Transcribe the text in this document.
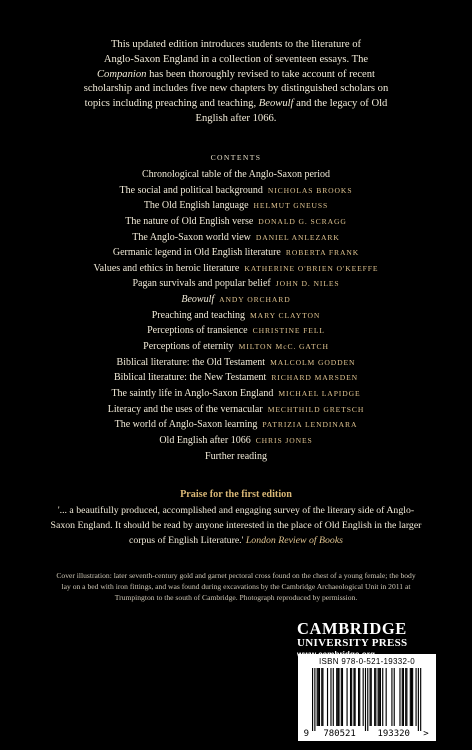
This updated edition introduces students to the literature of
Anglo-Saxon England in a collection of seventeen essays. The
Companion has been thoroughly revised to take account of recent
scholarship and includes five new chapters by distinguished scholars on
topics including preaching and teaching, Beowulf and the legacy of Old
English after 1066.

CONTENTS
Chronological table of the Anglo-Saxon period
The social and political background NICHOLAS BROOKS
The Old English language HELMUT GNEUSS
The nature of Old English verse DONALD G. SCRAGG
The Anglo-Saxon world view DANIEL ANLEZARK
Germanic legend in Old English literature ROBERTA FRANK
Values and ethics in heroic literature KATHERINE O'BRIEN O'KEEFFE
Pagan survivals and popular belief JOHN D. NILES
Beowulf ANDY ORCHARD
Preaching and teaching MARY CLAYTON
Perceptions of transience CHRISTINE FELL
Perceptions of eternity MILTON McC. GATCH
Biblical literature: the Old Testament MALCOLM GODDEN
Biblical literature: the New Testament RICHARD MARSDEN
The saintly life in Anglo-Saxon England MICHAEL LAPIDGE
Literacy and the uses of the vernacular MECHTHILD GRETSCH
The world of Anglo-Saxon learning PATRIZIA LENDINARA
Old English after 1066 CHRIS JONES
Further reading
Praise for the first edition

'... a beautifully produced, accomplished and engaging survey of the literary side of Anglo-Saxon England. It should be read by anyone interested in the place of Old English in the larger corpus of English Literature.' London Review of Books

Cover illustration: later seventh-century gold and garnet pectoral cross found on the chest of a young female; the body lay on a bed with iron fittings, and was found during excavations by the Cambridge Archaeological Unit in 2011 at Trumpington to the south of Cambridge. Photograph reproduced by permission.

CAMBRIDGE
UNIVERSITY PRESS
ISBN 978-0-521-19332-0
9 780521 193320 >
